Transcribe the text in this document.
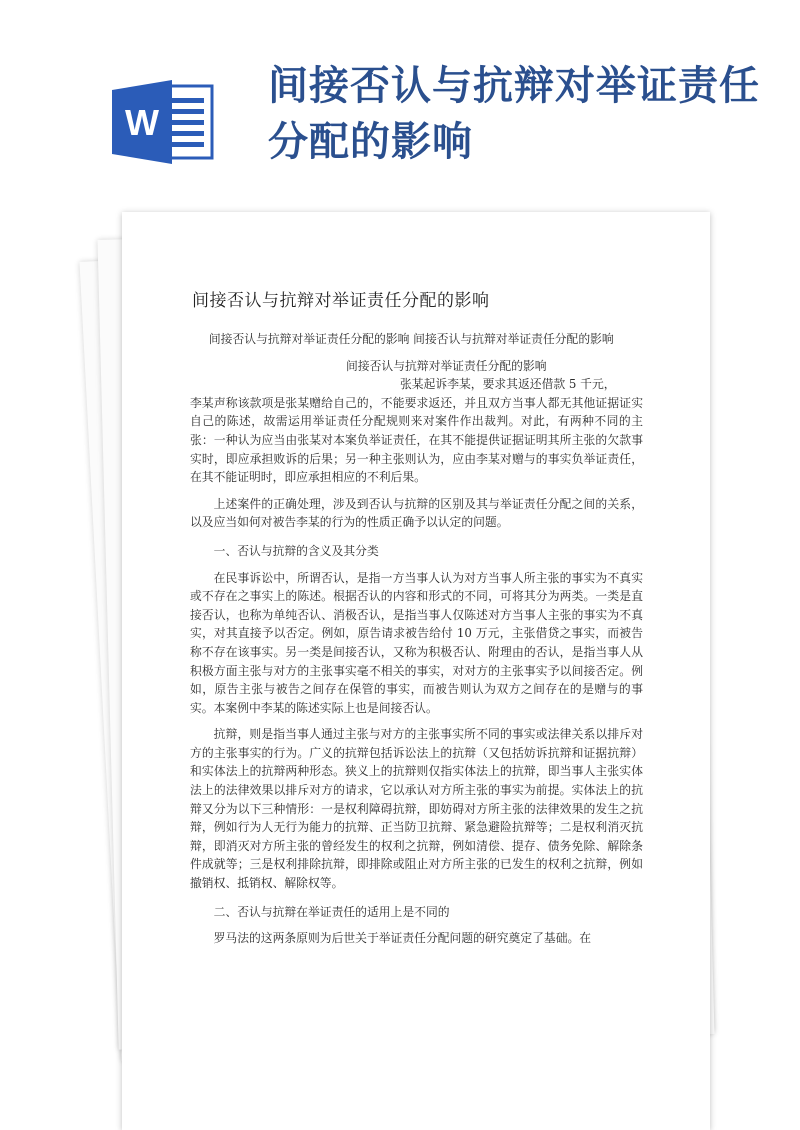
W
间接否认与抗辩对举证责任分配的影响
间接否认与抗辩对举证责任分配的影响

间接否认与抗辩对举证责任分配的影响 间接否认与抗辩对举证责任分配的影响

间接否认与抗辩对举证责任分配的影响

张某起诉李某，要求其返还借款 5 千元，

李某声称该款项是张某赠给自己的，不能要求返还，并且双方当事人都无其他证据证实自己的陈述，故需运用举证责任分配规则来对案件作出裁判。对此，有两种不同的主张：一种认为应当由张某对本案负举证责任，在其不能提供证据证明其所主张的欠款事实时，即应承担败诉的后果；另一种主张则认为，应由李某对赠与的事实负举证责任，在其不能证明时，即应承担相应的不利后果。

上述案件的正确处理，涉及到否认与抗辩的区别及其与举证责任分配之间的关系，以及应当如何对被告李某的行为的性质正确予以认定的问题。

一、否认与抗辩的含义及其分类

在民事诉讼中，所谓否认，是指一方当事人认为对方当事人所主张的事实为不真实或不存在之事实上的陈述。根据否认的内容和形式的不同，可将其分为两类。一类是直接否认，也称为单纯否认、消极否认，是指当事人仅陈述对方当事人主张的事实为不真实，对其直接予以否定。例如，原告请求被告给付 10 万元，主张借贷之事实，而被告称不存在该事实。另一类是间接否认，又称为积极否认、附理由的否认，是指当事人从积极方面主张与对方的主张事实毫不相关的事实，对对方的主张事实予以间接否定。例如，原告主张与被告之间存在保管的事实，而被告则认为双方之间存在的是赠与的事实。本案例中李某的陈述实际上也是间接否认。

抗辩，则是指当事人通过主张与对方的主张事实所不同的事实或法律关系以排斥对方的主张事实的行为。广义的抗辩包括诉讼法上的抗辩（又包括妨诉抗辩和证据抗辩）和实体法上的抗辩两种形态。狭义上的抗辩则仅指实体法上的抗辩，即当事人主张实体法上的法律效果以排斥对方的请求，它以承认对方所主张的事实为前提。实体法上的抗辩又分为以下三种情形：一是权利障碍抗辩，即妨碍对方所主张的法律效果的发生之抗辩，例如行为人无行为能力的抗辩、正当防卫抗辩、紧急避险抗辩等；二是权利消灭抗辩，即消灭对方所主张的曾经发生的权利之抗辩，例如清偿、提存、债务免除、解除条件成就等；三是权利排除抗辩，即排除或阻止对方所主张的已发生的权利之抗辩，例如撤销权、抵销权、解除权等。

二、否认与抗辩在举证责任的适用上是不同的

罗马法的这两条原则为后世关于举证责任分配问题的研究奠定了基础。在
